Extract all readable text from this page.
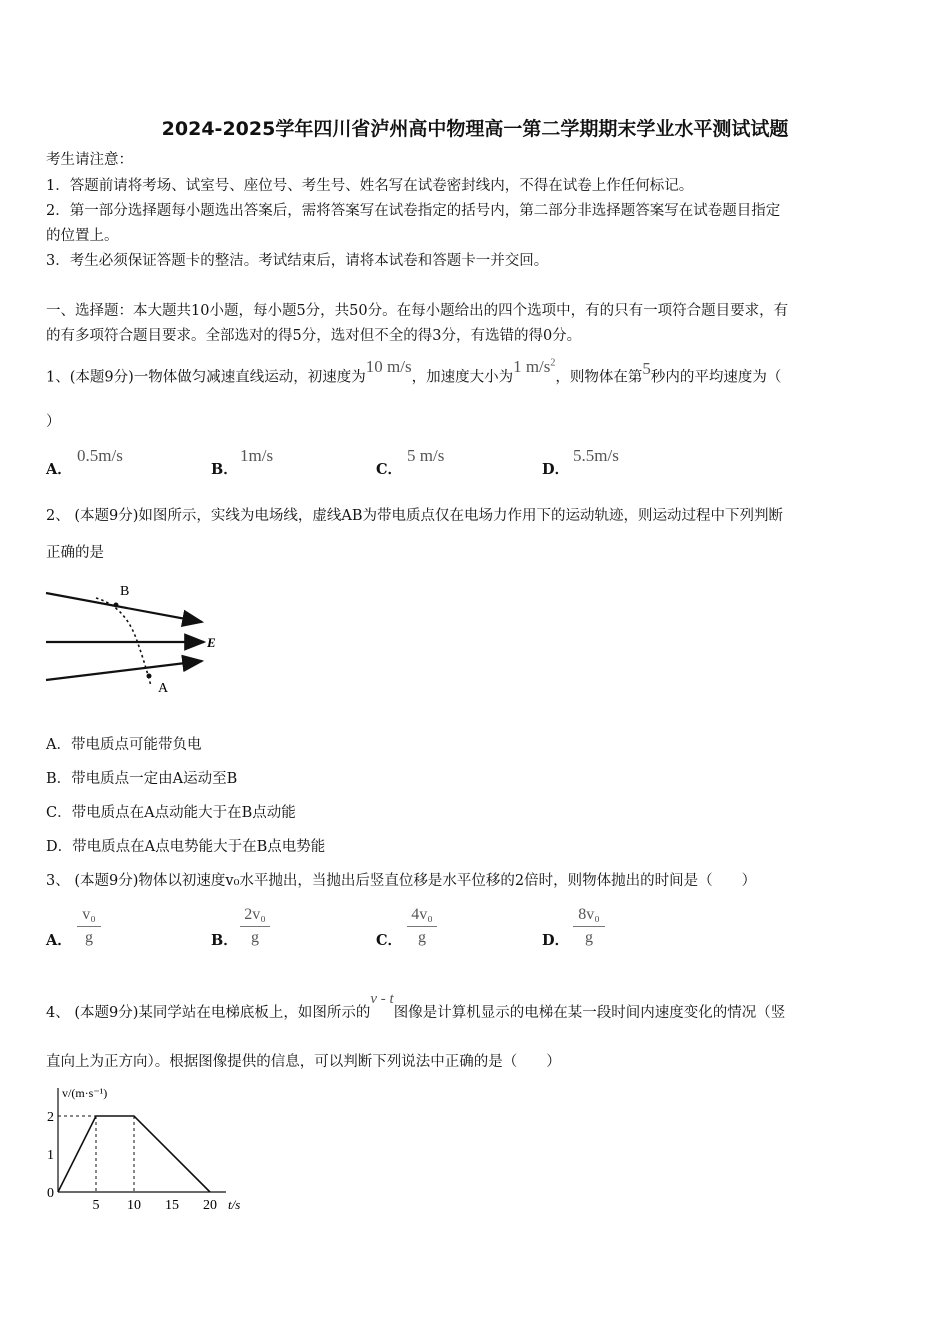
2024-2025学年四川省泸州高中物理高一第二学期期末学业水平测试试题
考生请注意：
1．答题前请将考场、试室号、座位号、考生号、姓名写在试卷密封线内，不得在试卷上作任何标记。
2．第一部分选择题每小题选出答案后，需将答案写在试卷指定的括号内，第二部分非选择题答案写在试卷题目指定
的位置上。
3．考生必须保证答题卡的整洁。考试结束后，请将本试卷和答题卡一并交回。
一、选择题：本大题共10小题，每小题5分，共50分。在每小题给出的四个选项中，有的只有一项符合题目要求，有
的有多项符合题目要求。全部选对的得5分，选对但不全的得3分，有选错的得0分。
1、(本题9分)一物体做匀减速直线运动，初速度为10 m/s，加速度大小为1 $m/s^2$，则物体在第5秒内的平均速度为（
）
A．
0.5m/s
B．
1m/s
C．
5 m/s
D．
5.5m/s
2、 (本题9分)如图所示，实线为电场线，虚线AB为带电质点仅在电场力作用下的运动轨迹，则运动过程中下列判断
正确的是
B
A
E
A．带电质点可能带负电
B．带电质点一定由A运动至B
C．带电质点在A点动能大于在B点动能
D．带电质点在A点电势能大于在B点电势能
3、 (本题9分)物体以初速度v₀水平抛出，当抛出后竖直位移是水平位移的2倍时，则物体抛出的时间是（　　）
A．
v₀
g	B．
2v₀
g	C．
4v₀
g	D．
8v₀
g
4、 (本题9分)某同学站在电梯底板上，如图所示的v - t图像是计算机显示的电梯在某一段时间内速度变化的情况（竖
直向上为正方向）。根据图像提供的信息，可以判断下列说法中正确的是（　　）
v/(m·s⁻¹)
t/s
5 10 15 20
2
1
0
